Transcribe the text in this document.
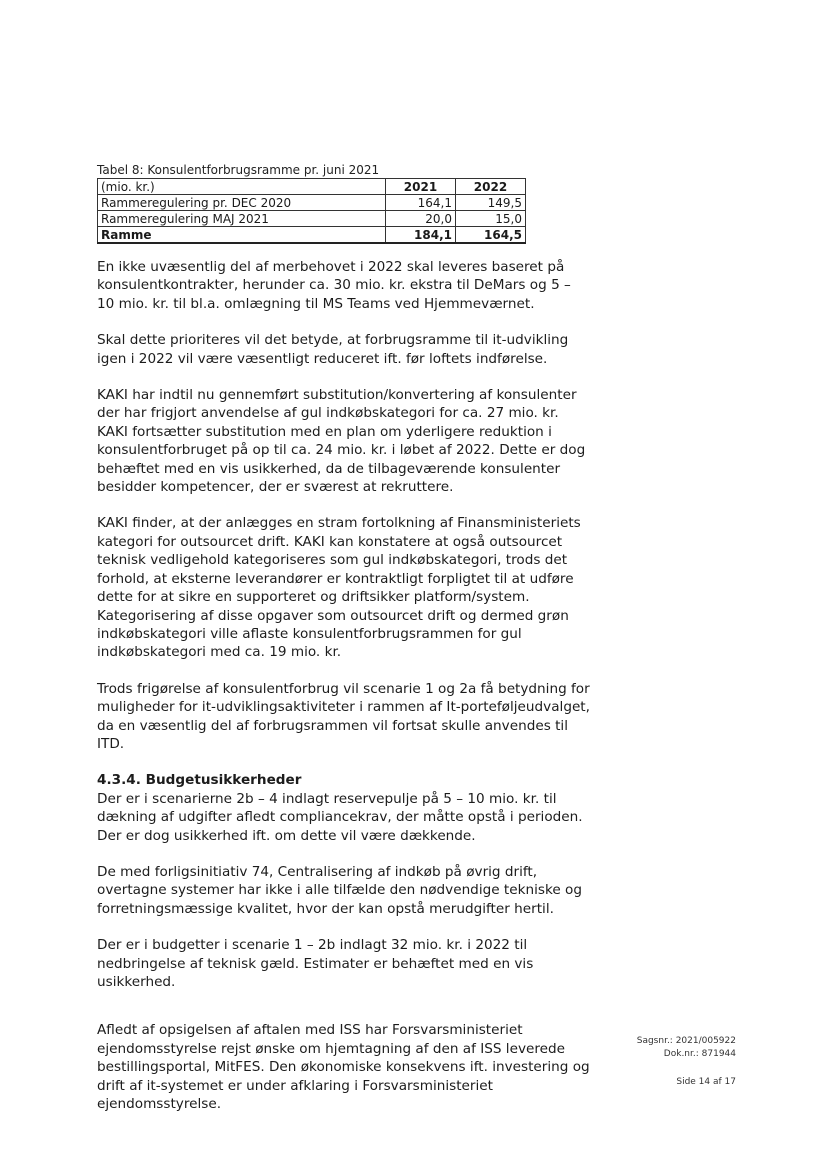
Tabel 8: Konsulentforbrugsramme pr. juni 2021
(mio. kr.)	2021	2022
Rammeregulering pr. DEC 2020	164,1	149,5
Rammeregulering MAJ 2021	20,0	15,0
Ramme	184,1	164,5

En ikke uvæsentlig del af merbehovet i 2022 skal leveres baseret på konsulentkontrakter, herunder ca. 30 mio. kr. ekstra til DeMars og 5 – 10 mio. kr. til bl.a. omlægning til MS Teams ved Hjemmeværnet.

Skal dette prioriteres vil det betyde, at forbrugsramme til it-udvikling igen i 2022 vil være væsentligt reduceret ift. før loftets indførelse.

KAKI har indtil nu gennemført substitution/konvertering af konsulenter der har frigjort anvendelse af gul indkøbskategori for ca. 27 mio. kr. KAKI fortsætter substitution med en plan om yderligere reduktion i konsulentforbruget på op til ca. 24 mio. kr. i løbet af 2022. Dette er dog behæftet med en vis usikkerhed, da de tilbageværende konsulenter besidder kompetencer, der er sværest at rekruttere.

KAKI finder, at der anlægges en stram fortolkning af Finansministeriets kategori for outsourcet drift. KAKI kan konstatere at også outsourcet teknisk vedligehold kategoriseres som gul indkøbskategori, trods det forhold, at eksterne leverandører er kontraktligt forpligtet til at udføre dette for at sikre en supporteret og driftsikker platform/system. Kategorisering af disse opgaver som outsourcet drift og dermed grøn indkøbskategori ville aflaste konsulentforbrugsrammen for gul indkøbskategori med ca. 19 mio. kr.

Trods frigørelse af konsulentforbrug vil scenarie 1 og 2a få betydning for muligheder for it-udviklingsaktiviteter i rammen af It-porteføljeudvalget, da en væsentlig del af forbrugsrammen vil fortsat skulle anvendes til ITD.

4.3.4. Budgetusikkerheder

Der er i scenarierne 2b – 4 indlagt reservepulje på 5 – 10 mio. kr. til dækning af udgifter afledt compliancekrav, der måtte opstå i perioden. Der er dog usikkerhed ift. om dette vil være dækkende.

De med forligsinitiativ 74, Centralisering af indkøb på øvrig drift, overtagne systemer har ikke i alle tilfælde den nødvendige tekniske og forretningsmæssige kvalitet, hvor der kan opstå merudgifter hertil.

Der er i budgetter i scenarie 1 – 2b indlagt 32 mio. kr. i 2022 til nedbringelse af teknisk gæld. Estimater er behæftet med en vis usikkerhed.

Afledt af opsigelsen af aftalen med ISS har Forsvarsministeriet ejendomsstyrelse rejst ønske om hjemtagning af den af ISS leverede bestillingsportal, MitFES. Den økonomiske konsekvens ift. investering og drift af it-systemet er under afklaring i Forsvarsministeriet ejendomsstyrelse.

Sagsnr.: 2021/005922
Dok.nr.: 871944
Side 14 af 17
